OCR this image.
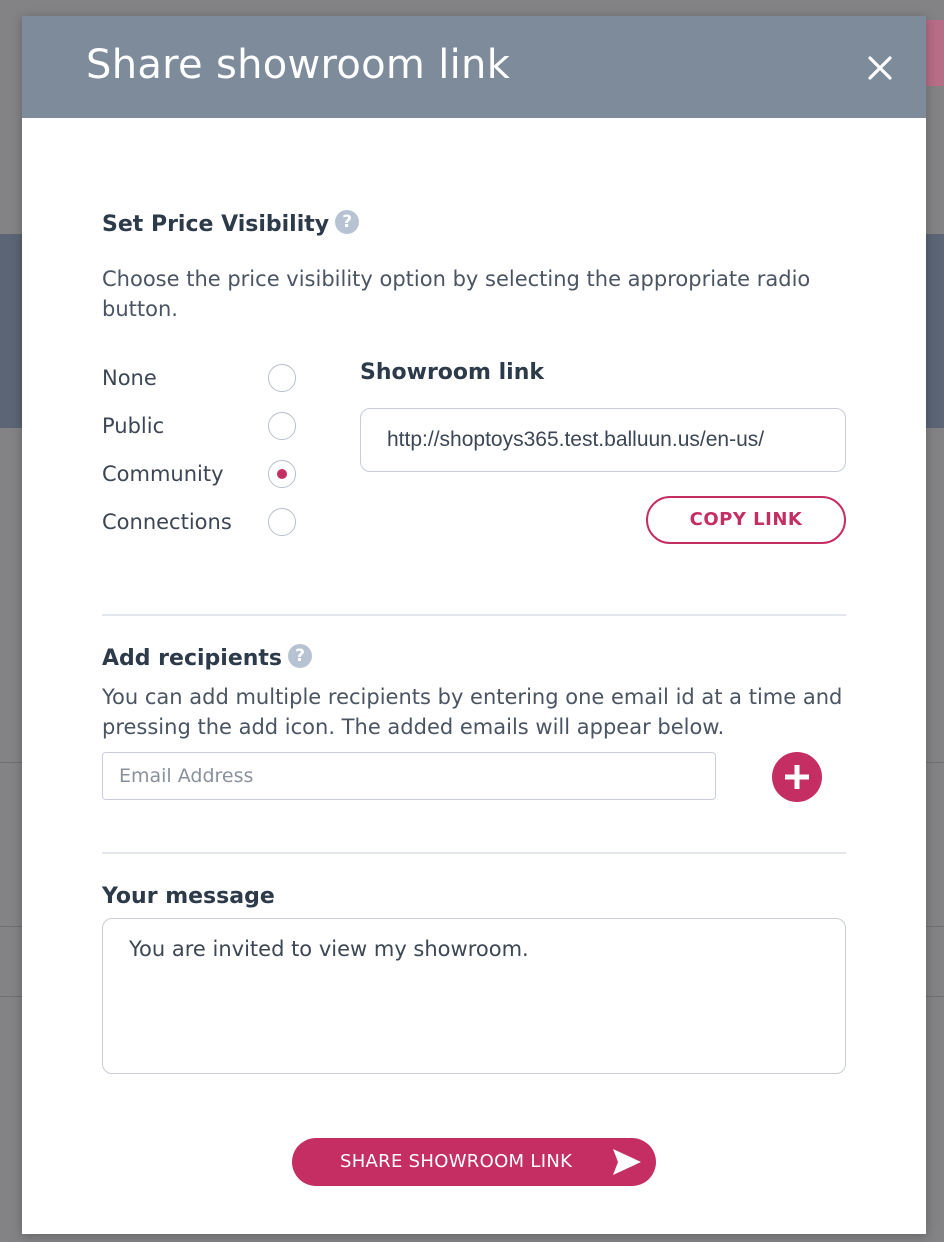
Share showroom link
Set Price Visibility ?
Choose the price visibility option by selecting the appropriate radio button.
None
Public
Community
Connections
Showroom link
http://shoptoys365.test.balluun.us/en-us/
COPY LINK
Add recipients ?
You can add multiple recipients by entering one email id at a time and pressing the add icon. The added emails will appear below.
Email Address
Your message
You are invited to view my showroom.
SHARE SHOWROOM LINK
